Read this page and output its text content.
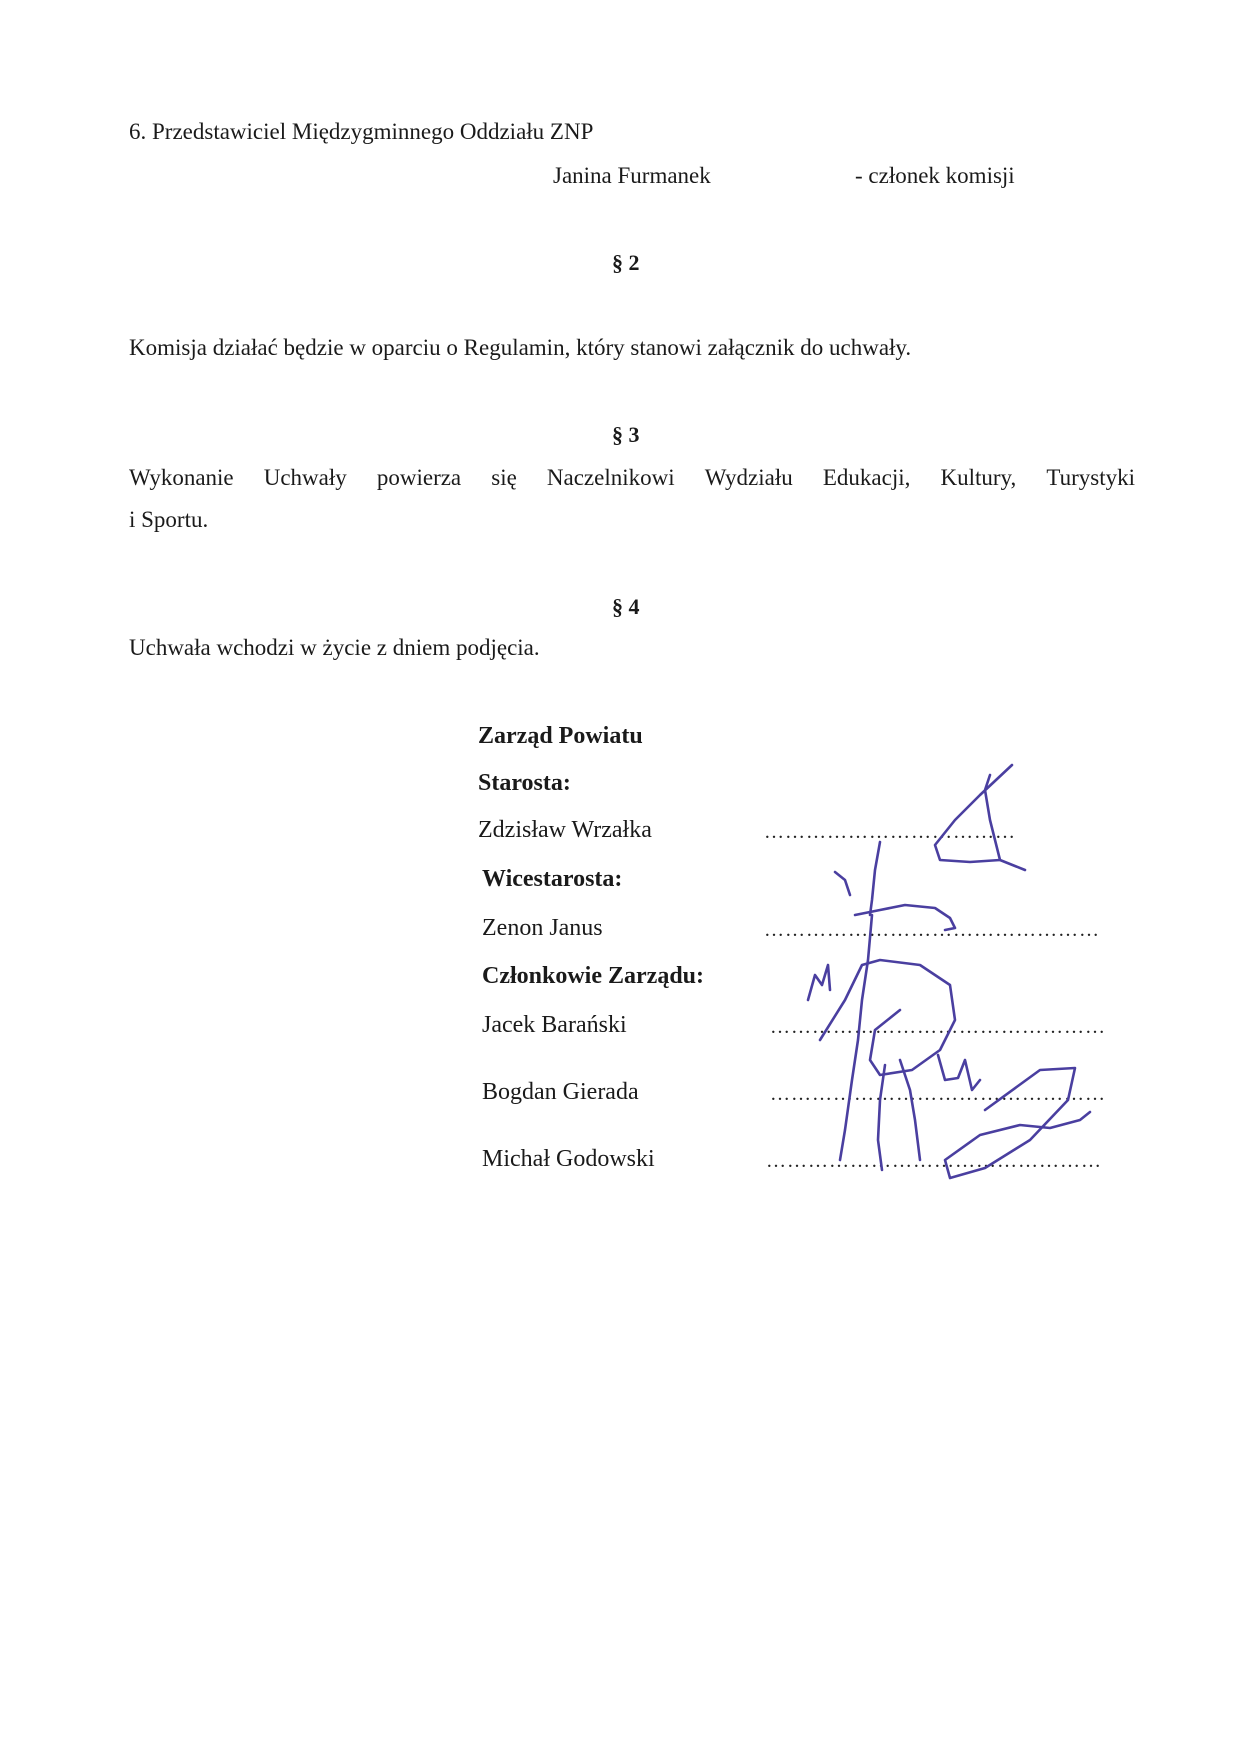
6. Przedstawiciel Międzygminnego Oddziału ZNP
Janina Furmanek	- członek komisji
§ 2
Komisja działać będzie w oparciu o Regulamin, który stanowi załącznik do uchwały.
§ 3
Wykonanie Uchwały powierza się Naczelnikowi Wydziału Edukacji, Kultury, Turystyki
i Sportu.
§ 4
Uchwała wchodzi w życie z dniem podjęcia.
Zarząd Powiatu
Starosta:
Zdzisław Wrzałka	………………………………
Wicestarosta:
Zenon Janus	…………………………………………
Członkowie Zarządu:
Jacek Barański	…………………………………………
Bogdan Gierada	…………………………………………
Michał Godowski	…………………………………………
